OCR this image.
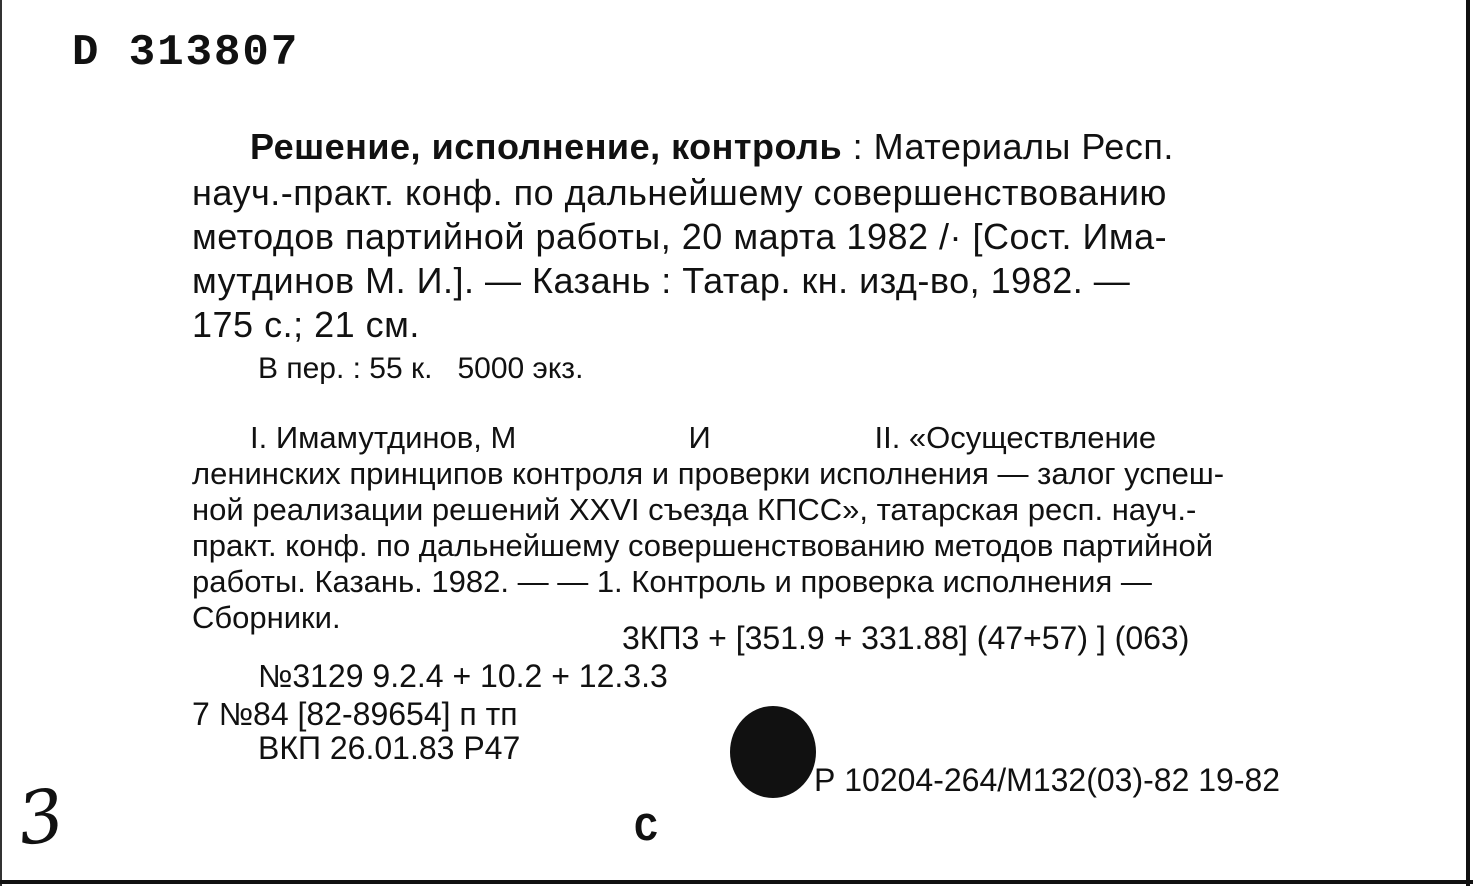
D 313807
Решение, исполнение, контроль : Материалы Респ.
науч.-практ. конф. по дальнейшему совершенствованию
методов партийной работы, 20 марта 1982 /· [Сост. Има-
мутдинов М. И.]. — Казань : Татар. кн. изд-во, 1982. —
175 с.; 21 см.
В пер. : 55 к.   5000 экз.
I. Имамутдинов, М                    И                   II. «Осуществление
ленинских принципов контроля и проверки исполнения — залог успеш-
ной реализации решений XXVI съезда КПСС», татарская респ. науч.-
практ. конф. по дальнейшему совершенствованию методов партийной
работы. Казань. 1982. — — 1. Контроль и проверка исполнения —
Сборники.
3КП3 + [351.9 + 331.88] (47+57) ] (063)
№3129 9.2.4 + 10.2 + 12.3.3
7 №84 [82-89654] п тп
ВКП 26.01.83 Р47
Р 10204-264/М132(03)-82 19-82
С
3
